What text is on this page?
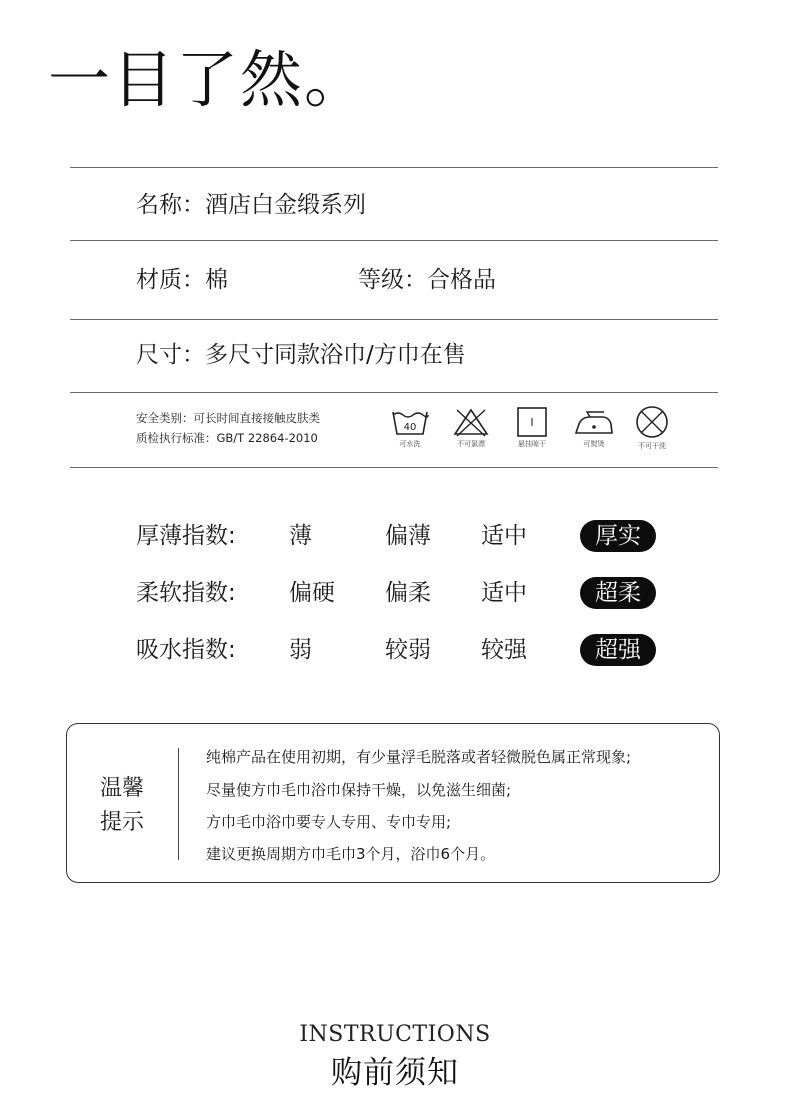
一目了然。
名称：酒店白金缎系列
材质：棉	等级：合格品
尺寸：多尺寸同款浴巾/方巾在售
安全类别：可长时间直接接触皮肤类
质检执行标准：GB/T 22864-2010
40
可水洗	不可氯漂
I
悬挂晾干	可熨烫	不可干洗
厚薄指数: 薄	偏薄 适中	厚实
柔软指数: 偏硬 偏柔 适中	超柔
吸水指数: 弱	较弱 较强	超强
温馨
提示
纯棉产品在使用初期，有少量浮毛脱落或者轻微脱色属正常现象;
尽量使方巾毛巾浴巾保持干燥，以免滋生细菌;
方巾毛巾浴巾要专人专用、专巾专用;
建议更换周期方巾毛巾3个月，浴巾6个月。
INSTRUCTIONS
购前须知
